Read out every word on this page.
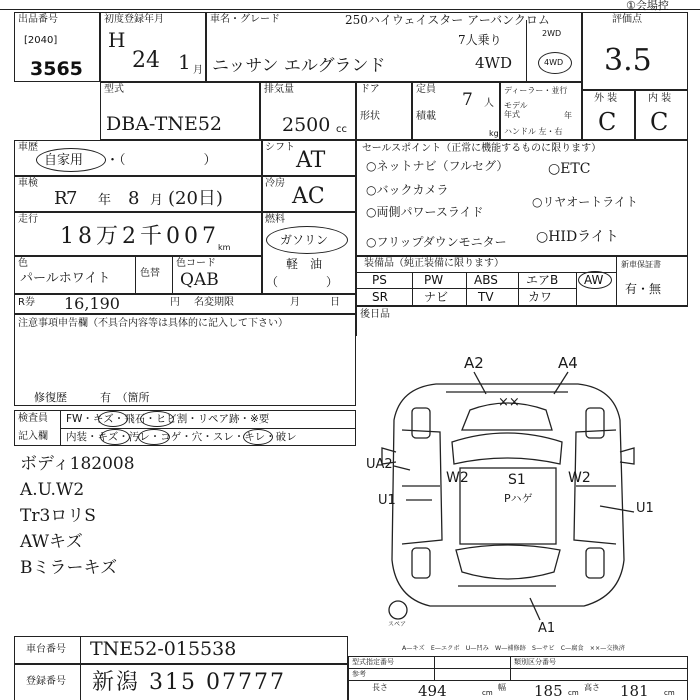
①会場控
出品番号
[2040]
3565
初度登録年月
H
24 1 月
車名・グレード	250ハイウェイスター アーバンクロム
7人乗り
ニッサン エルグランド	4WD
2WD
4WD
評価点
3.5
型式
DBA-TNE52
排気量
2500 cc
ドア
形状
定員
7 人
積載
kg
ディーラー・並行
モデル年式	年
ハンドル 左・右
外 装	内 装
C C
車歴
自家用 ・（　　　　　　）
シフト
AT
車検
R
7 年 8 月 (20日)
冷房
AC
走行
18万2千007
km
燃料
ガソリン
軽　油
（　　　　）
色
パールホワイト	色替
色コード
QAB
R券 16,190	円 名変期限	月	日
注意事項申告欄（不具合内容等は具体的に記入して下さい）
修復歴	有　（箇所
セールスポイント（正常に機能するものに限ります）
○ネットナビ（フルセグ）	○ETC
○バックカメラ
○両側パワースライド
○リヤオートライト
○フリップダウンモニター ○HIDライト
装備品（純正装備に限ります）	新車保証書
有・無
PS	PW	ABS エアB AW
SR	ナビ TV	カワ
後日品
検査員
記入欄
FW・キズ・飛石・ヒビ割・リペア跡・※要
内装・キズ・汚レ・コゲ・穴・スレ・キレ・破レ
ボディ182008
A.U.W2
Tr3ロリS
AWキズ
Bミラーキズ
A2	A4
××
UA2
W2	S1
Pハゲ
W2
U1
U1
A1
スペア
A—キズ　E—エクボ　U—凹み　W—補修跡　S—サビ　C—腐食　××—交換済
車台番号 TNE52-015538
登録番号 新潟 315 07777
型式指定番号	類別区分番号
参考
長さ 494	cm
幅 185 cm
高さ 181 cm
